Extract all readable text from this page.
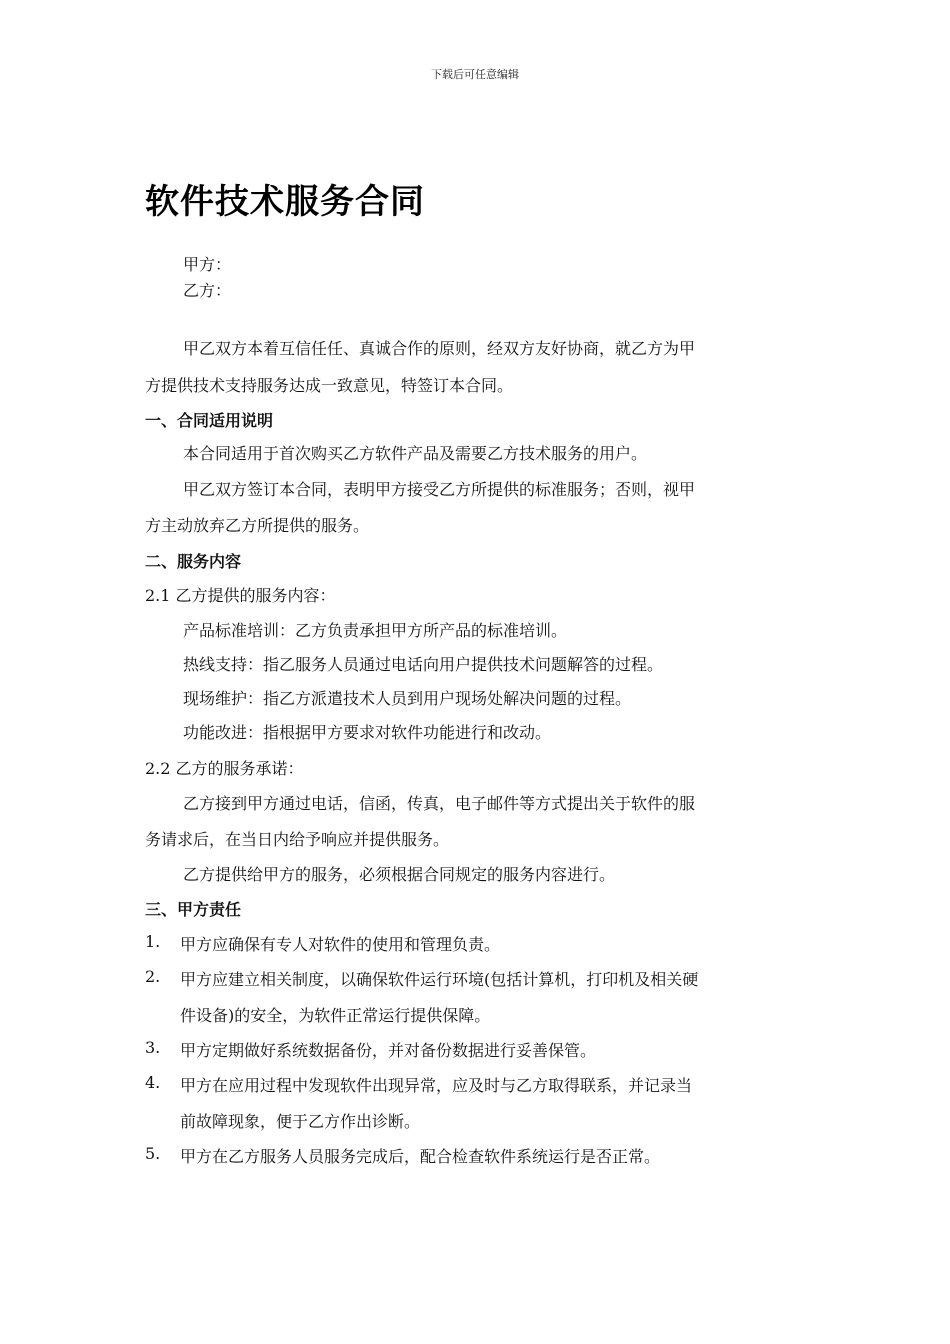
下载后可任意编辑
软件技术服务合同
甲方：
乙方：
甲乙双方本着互信任任、真诚合作的原则，经双方友好协商，就乙方为甲
方提供技术支持服务达成一致意见，特签订本合同。
一、合同适用说明
本合同适用于首次购买乙方软件产品及需要乙方技术服务的用户。
甲乙双方签订本合同，表明甲方接受乙方所提供的标准服务；否则，视甲
方主动放弃乙方所提供的服务。
二、服务内容
2.1 乙方提供的服务内容：
产品标准培训：乙方负责承担甲方所产品的标准培训。
热线支持：指乙服务人员通过电话向用户提供技术问题解答的过程。
现场维护：指乙方派遣技术人员到用户现场处解决问题的过程。
功能改进：指根据甲方要求对软件功能进行和改动。
2.2 乙方的服务承诺：
乙方接到甲方通过电话，信函，传真，电子邮件等方式提出关于软件的服
务请求后，在当日内给予响应并提供服务。
乙方提供给甲方的服务，必须根据合同规定的服务内容进行。
三、甲方责任
1. 甲方应确保有专人对软件的使用和管理负责。
2. 甲方应建立相关制度，以确保软件运行环境(包括计算机，打印机及相关硬
件设备)的安全，为软件正常运行提供保障。
3. 甲方定期做好系统数据备份，并对备份数据进行妥善保管。
4. 甲方在应用过程中发现软件出现异常，应及时与乙方取得联系，并记录当
前故障现象，便于乙方作出诊断。
5. 甲方在乙方服务人员服务完成后，配合检查软件系统运行是否正常。
